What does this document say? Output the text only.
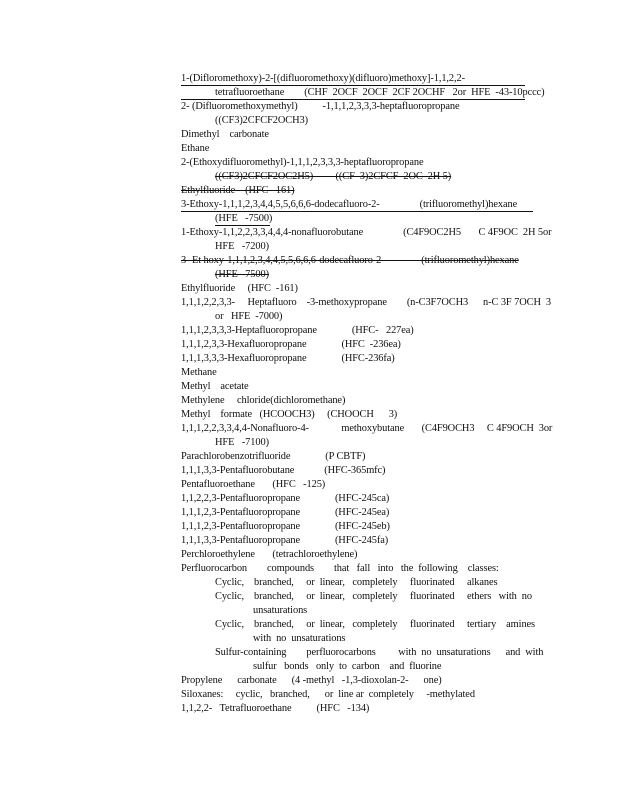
1-(Difloromethoxy)-2-[(difluoromethoxy)(difluoro)methoxy]-1,1,2,2-
tetrafluoroethane        (CHF  2OCF  2OCF  2CF 2OCHF   2or  HFE  -43-10pccc)
2- (Difluoromethoxymethyl)          -1,1,1,2,3,3,3-heptafluoropropane
((CF3)2CFCF2OCH3)
Dimethyl    carbonate
Ethane
2-(Ethoxydifluoromethyl)-1,1,1,2,3,3,3-heptafluoropropane
((CF3)2CFCF2OC2H5)         ((CF  3)2CFCF  2OC  2H 5)
Ethylfluoride    (HFC   161)
3-Ethoxy-1,1,1,2,3,4,4,5,5,6,6,6-dodecafluoro-2-                (trifluoromethyl)hexane
(HFE   -7500)
1-Ethoxy-1,1,2,2,3,3,4,4,4-nonafluorobutane                (C4F9OC2H5       C 4F9OC  2H 5or
HFE   -7200)
3- Et hoxy-1,1,1,2,3,4,4,5,5,6,6,6-dodecafluoro-2                (trifluoromethyl)hexane
(HFE   7500)
Ethylfluoride     (HFC  -161)
1,1,1,2,2,3,3-     Heptafluoro    -3-methoxypropane        (n-C3F7OCH3      n-C 3F 7OCH  3
or   HFE  -7000)
1,1,1,2,3,3,3-Heptafluoropropane              (HFC-   227ea)
1,1,1,2,3,3-Hexafluoropropane              (HFC  -236ea)
1,1,1,3,3,3-Hexafluoropropane              (HFC-236fa)
Methane
Methyl    acetate
Methylene     chloride(dichloromethane)
Methyl    formate   (HCOOCH3)     (CHOOCH      3)
1,1,1,2,2,3,3,4,4-Nonafluoro-4-             methoxybutane       (C4F9OCH3     C 4F9OCH  3or
HFE   -7100)
Parachlorobenzotrifluoride              (P CBTF)
1,1,1,3,3-Pentafluorobutane            (HFC-365mfc)
Pentafluoroethane       (HFC   -125)
1,1,2,2,3-Pentafluoropropane              (HFC-245ca)
1,1,1,2,3-Pentafluoropropane              (HFC-245ea)
1,1,1,2,3-Pentafluoropropane              (HFC-245eb)
1,1,1,3,3-Pentafluoropropane              (HFC-245fa)
Perchloroethylene       (tetrachloroethylene)
Perfluorocarbon        compounds        that   fall   into   the  following    classes:
Cyclic,    branched,     or  linear,   completely     fluorinated     alkanes
Cyclic,    branched,     or  linear,   completely     fluorinated     ethers   with  no
unsaturations
Cyclic,    branched,     or  linear,   completely     fluorinated     tertiary    amines
with  no  unsaturations
Sulfur-containing        perfluorocarbons         with  no  unsaturations      and  with
sulfur   bonds   only  to  carbon    and  fluorine
Propylene      carbonate      (4 -methyl   -1,3-dioxolan-2-      one)
Siloxanes:     cyclic,   branched,      or  line ar  completely     -methylated
1,1,2,2-   Tetrafluoroethane          (HFC   -134)
